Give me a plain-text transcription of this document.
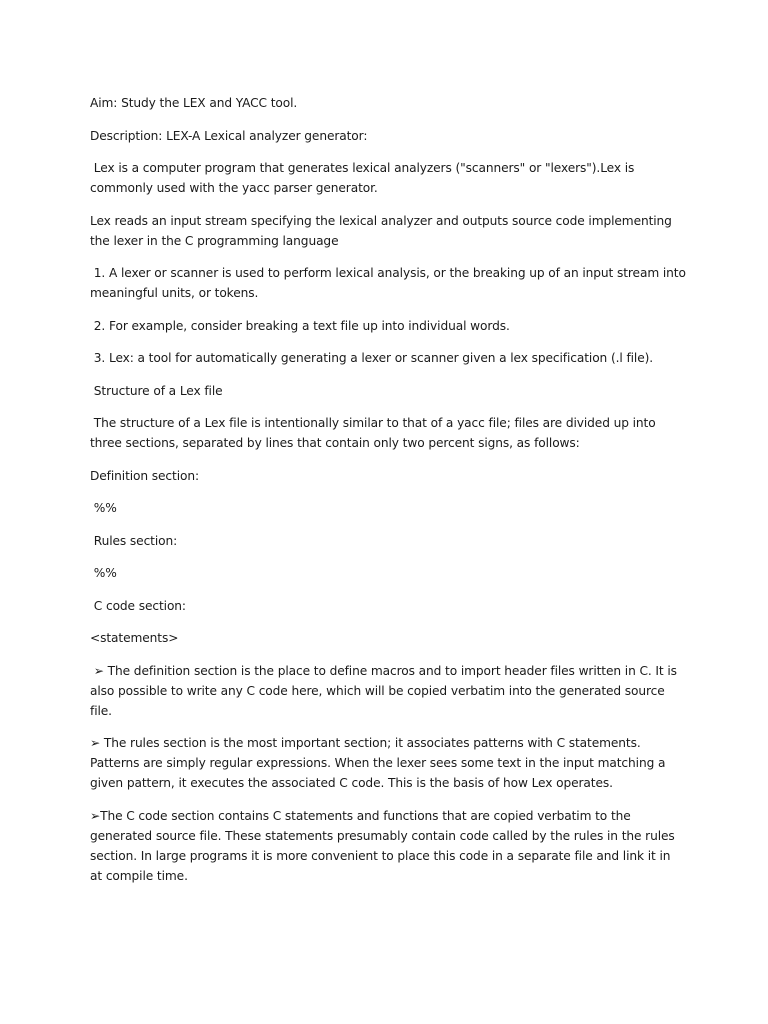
Aim: Study the LEX and YACC tool.

Description: LEX-A Lexical analyzer generator:

Lex is a computer program that generates lexical analyzers ("scanners" or "lexers").Lex is commonly used with the yacc parser generator.

Lex reads an input stream specifying the lexical analyzer and outputs source code implementing the lexer in the C programming language

1. A lexer or scanner is used to perform lexical analysis, or the breaking up of an input stream into meaningful units, or tokens.

2. For example, consider breaking a text file up into individual words.

3. Lex: a tool for automatically generating a lexer or scanner given a lex specification (.l file).

Structure of a Lex file

The structure of a Lex file is intentionally similar to that of a yacc file; files are divided up into three sections, separated by lines that contain only two percent signs, as follows:

Definition section:

%%

Rules section:

%%

C code section:

<statements>

➢ The definition section is the place to define macros and to import header files written in C. It is also possible to write any C code here, which will be copied verbatim into the generated source file.

➢ The rules section is the most important section; it associates patterns with C statements. Patterns are simply regular expressions. When the lexer sees some text in the input matching a given pattern, it executes the associated C code. This is the basis of how Lex operates.

➢The C code section contains C statements and functions that are copied verbatim to the generated source file. These statements presumably contain code called by the rules in the rules section. In large programs it is more convenient to place this code in a separate file and link it in at compile time.
